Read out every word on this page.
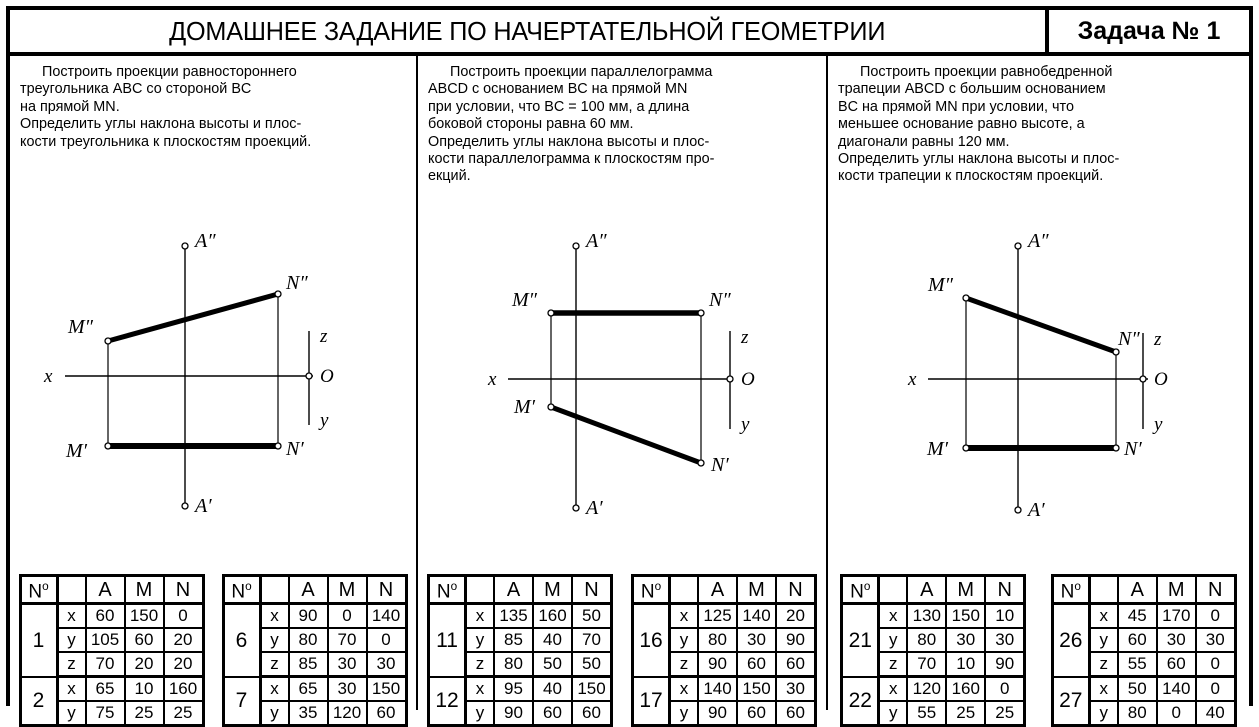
ДОМАШНЕЕ ЗАДАНИЕ ПО НАЧЕРТАТЕЛЬНОЙ ГЕОМЕТРИИ	Задача № 1

Построить проекции равностороннего

треугольника ABC со стороной BC

на прямой MN.

Определить углы наклона высоты и плос-

кости треугольника к плоскостям проекций.

A″
A′
M″
M′
N″
N′
x
z
O
y
$N^o$		A	M	N
1	x	60	150	0
	y	105	60	20
	z	70	20	20
2	x	65	10	160
	y	75	25	25
$N^o$		A	M	N
6	x	90	0	140
	y	80	70	0
	z	85	30	30
7	x	65	30	150
	y	35	120	60

Построить проекции параллелограмма

ABCD с основанием BC на прямой MN

при условии, что BC = 100 мм, а длина

боковой стороны равна 60 мм.

Определить углы наклона высоты и плос-

кости параллелограмма к плоскостям про-

екций.

A″
A′
M″
M′
N″
N′
x
z
O
y
$N^o$		A	M	N
11	x	135	160	50
	y	85	40	70
	z	80	50	50
12	x	95	40	150
	y	90	60	60
$N^o$		A	M	N
16	x	125	140	20
	y	80	30	90
	z	90	60	60
17	x	140	150	30
	y	90	60	60

Построить проекции равнобедренной

трапеции ABCD с большим основанием

BC на прямой MN при условии, что

меньшее основание равно высоте, а

диагонали равны 120 мм.

Определить углы наклона высоты и плос-

кости трапеции к плоскостям проекций.

A″
A′
M″
M′
N″
N′
x
z
O
y
$N^o$		A	M	N
21	x	130	150	10
	y	80	30	30
	z	70	10	90
22	x	120	160	0
	y	55	25	25
$N^o$		A	M	N
26	x	45	170	0
	y	60	30	30
	z	55	60	0
27	x	50	140	0
	y	80	0	40
